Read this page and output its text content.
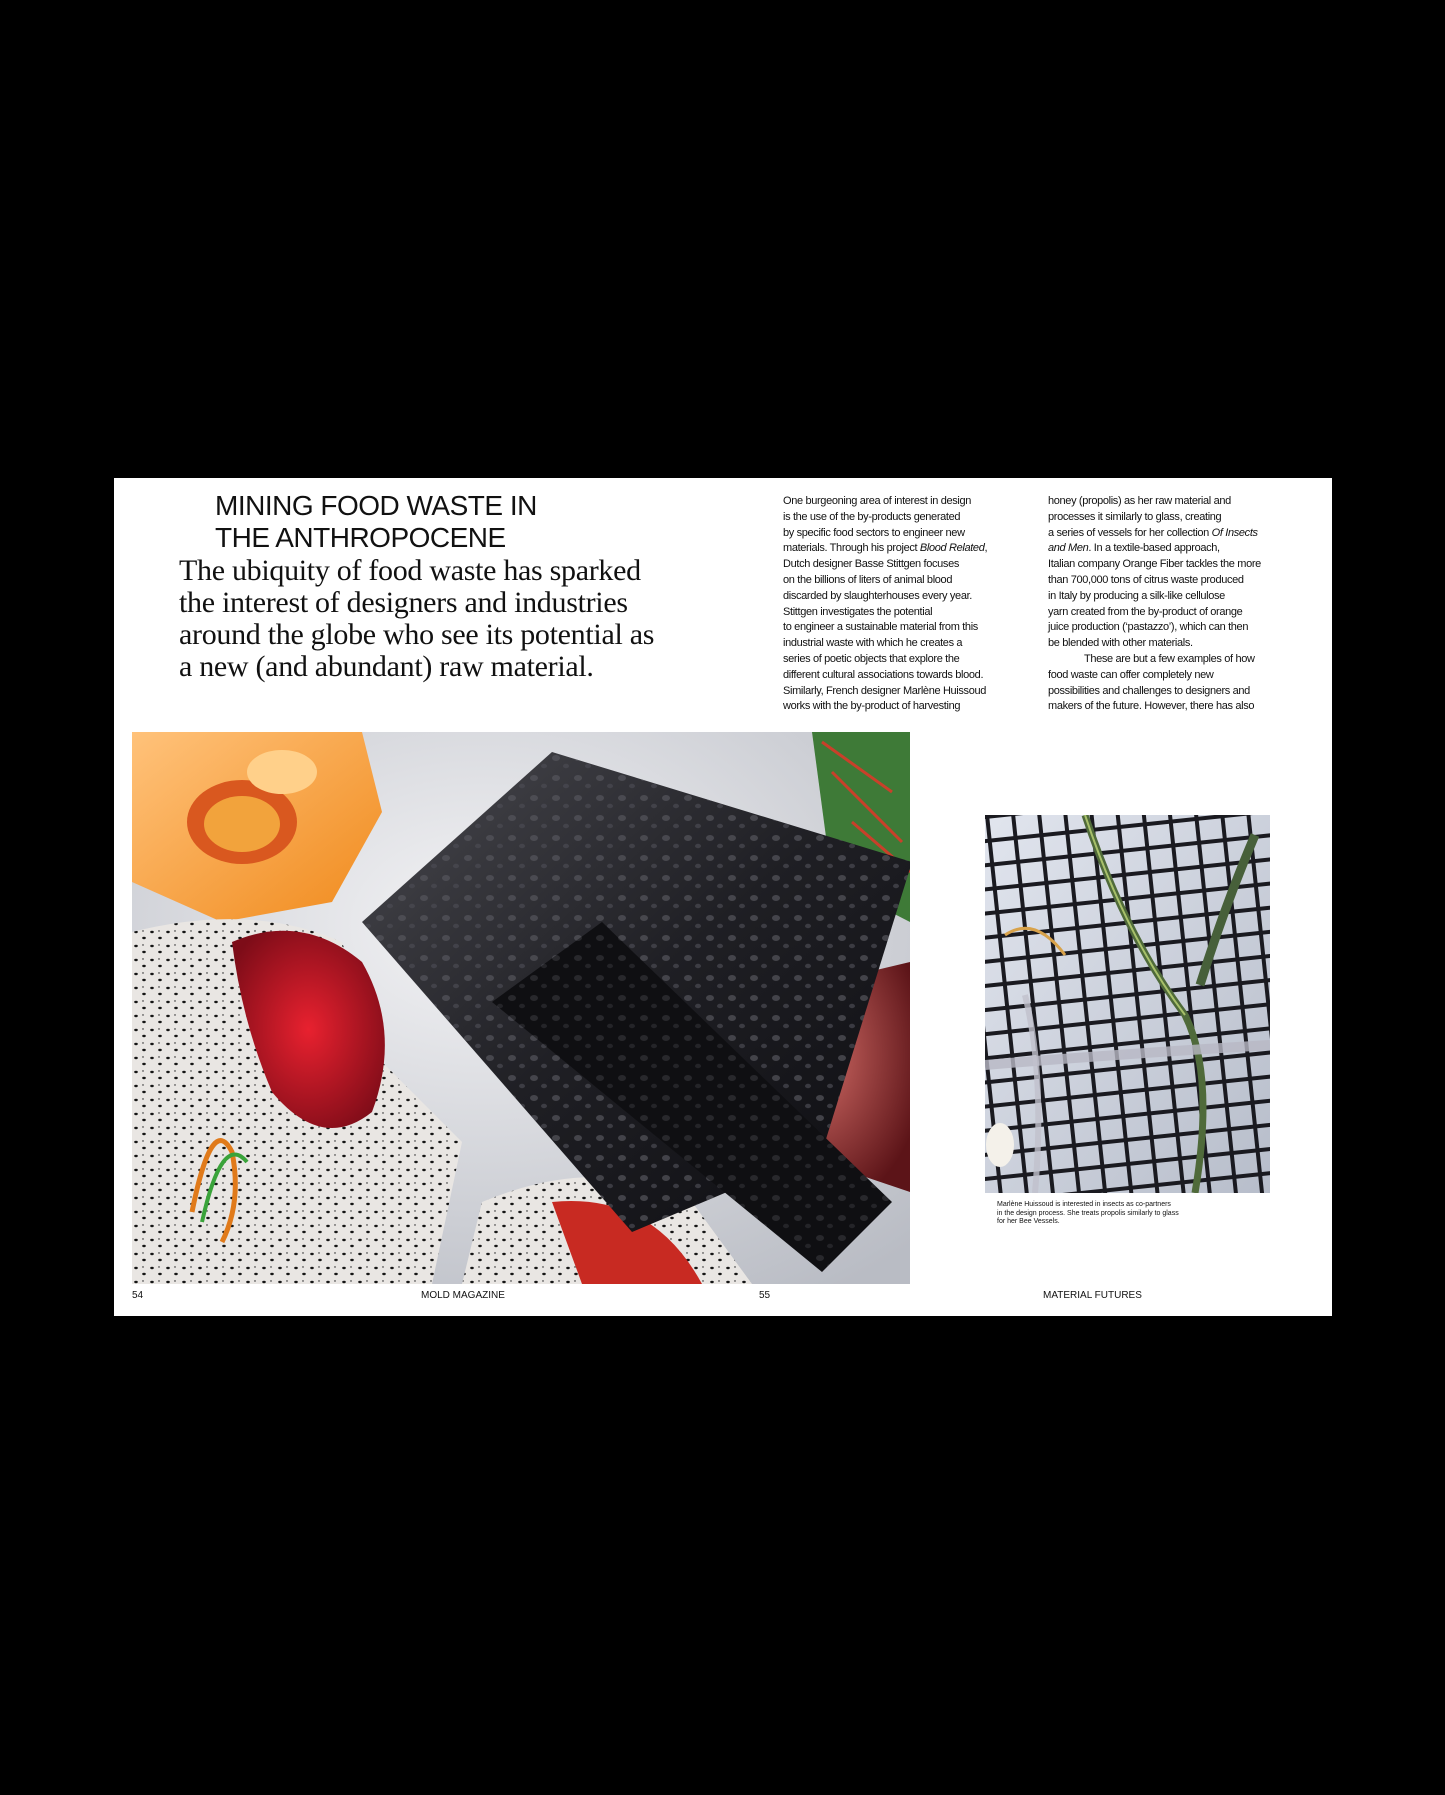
MINING FOOD WASTE IN
THE ANTHROPOCENE

The ubiquity of food waste has sparked
the interest of designers and industries
around the globe who see its potential as
a new (and abundant) raw material.

One burgeoning area of interest in design
is the use of the by-products generated
by specific food sectors to engineer new
materials. Through his project Blood Related,
Dutch designer Basse Stittgen focuses
on the billions of liters of animal blood
discarded by slaughterhouses every year.
Stittgen investigates the potential
to engineer a sustainable material from this
industrial waste with which he creates a
series of poetic objects that explore the
different cultural associations towards blood.
Similarly, French designer Marlène Huissoud
works with the by-product of harvesting

honey (propolis) as her raw material and
processes it similarly to glass, creating
a series of vessels for her collection Of Insects
and Men. In a textile-based approach,
Italian company Orange Fiber tackles the more
than 700,000 tons of citrus waste produced
in Italy by producing a silk-like cellulose
yarn created from the by-product of orange
juice production (‘pastazzo’), which can then
be blended with other materials.
These are but a few examples of how
food waste can offer completely new
possibilities and challenges to designers and
makers of the future. However, there has also

Marlène Huissoud is interested in insects as co-partners
in the design process. She treats propolis similarly to glass
for her Bee Vessels.

54	MOLD MAGAZINE	55	MATERIAL FUTURES
